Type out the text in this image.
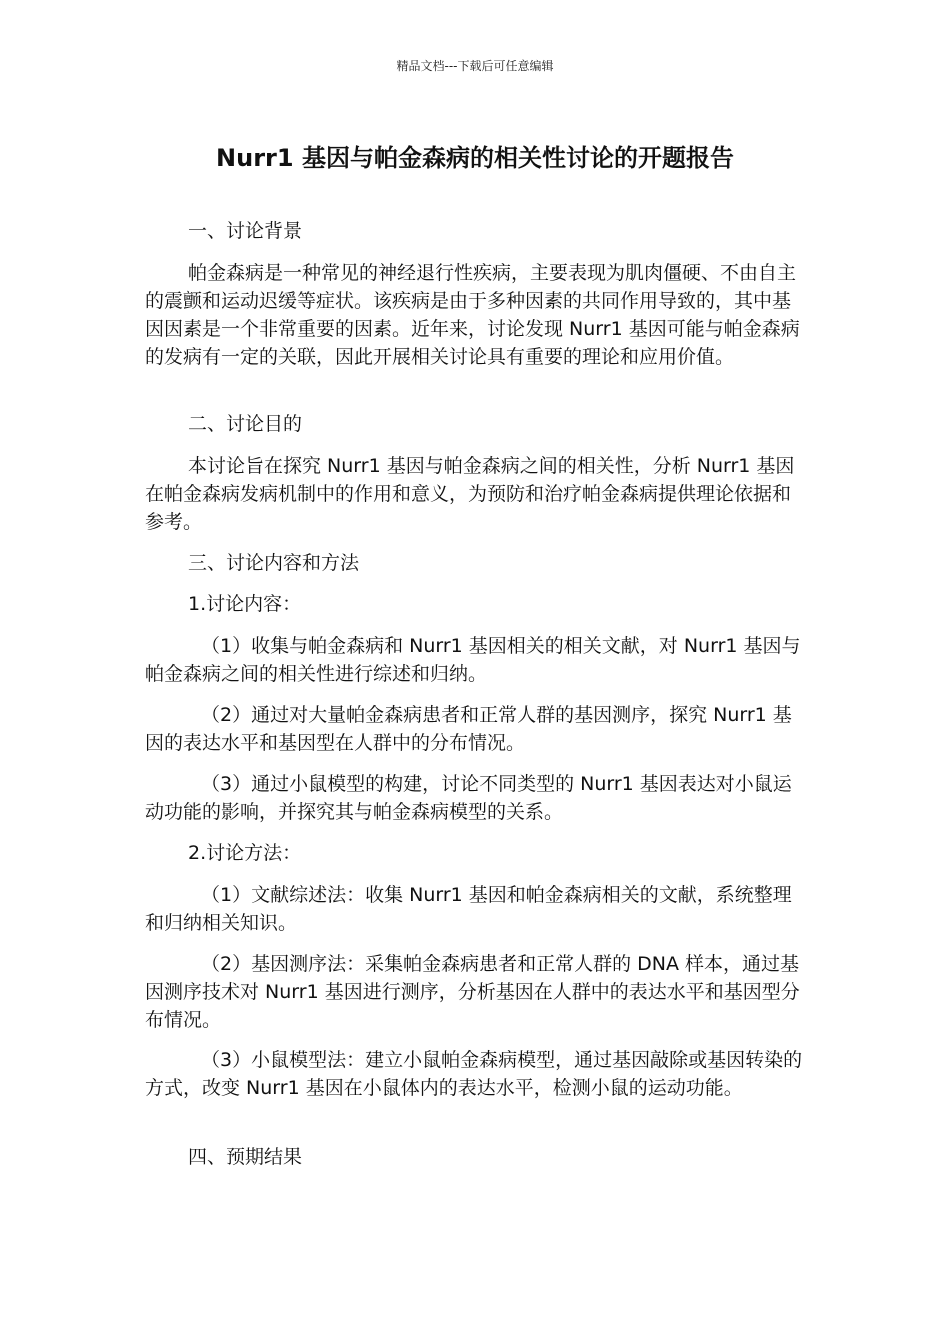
精品文档---下载后可任意编辑
Nurr1 基因与帕金森病的相关性讨论的开题报告

一、讨论背景

帕金森病是一种常见的神经退行性疾病，主要表现为肌肉僵硬、不由自主的震颤和运动迟缓等症状。该疾病是由于多种因素的共同作用导致的，其中基因因素是一个非常重要的因素。近年来，讨论发现 Nurr1 基因可能与帕金森病的发病有一定的关联，因此开展相关讨论具有重要的理论和应用价值。

二、讨论目的

本讨论旨在探究 Nurr1 基因与帕金森病之间的相关性，分析 Nurr1 基因在帕金森病发病机制中的作用和意义，为预防和治疗帕金森病提供理论依据和参考。

三、讨论内容和方法

1.讨论内容：

（1）收集与帕金森病和 Nurr1 基因相关的相关文献，对 Nurr1 基因与帕金森病之间的相关性进行综述和归纳。

（2）通过对大量帕金森病患者和正常人群的基因测序，探究 Nurr1 基因的表达水平和基因型在人群中的分布情况。

（3）通过小鼠模型的构建，讨论不同类型的 Nurr1 基因表达对小鼠运动功能的影响，并探究其与帕金森病模型的关系。

2.讨论方法：

（1）文献综述法：收集 Nurr1 基因和帕金森病相关的文献，系统整理和归纳相关知识。

（2）基因测序法：采集帕金森病患者和正常人群的 DNA 样本，通过基因测序技术对 Nurr1 基因进行测序，分析基因在人群中的表达水平和基因型分布情况。

（3）小鼠模型法：建立小鼠帕金森病模型，通过基因敲除或基因转染的方式，改变 Nurr1 基因在小鼠体内的表达水平，检测小鼠的运动功能。

四、预期结果
